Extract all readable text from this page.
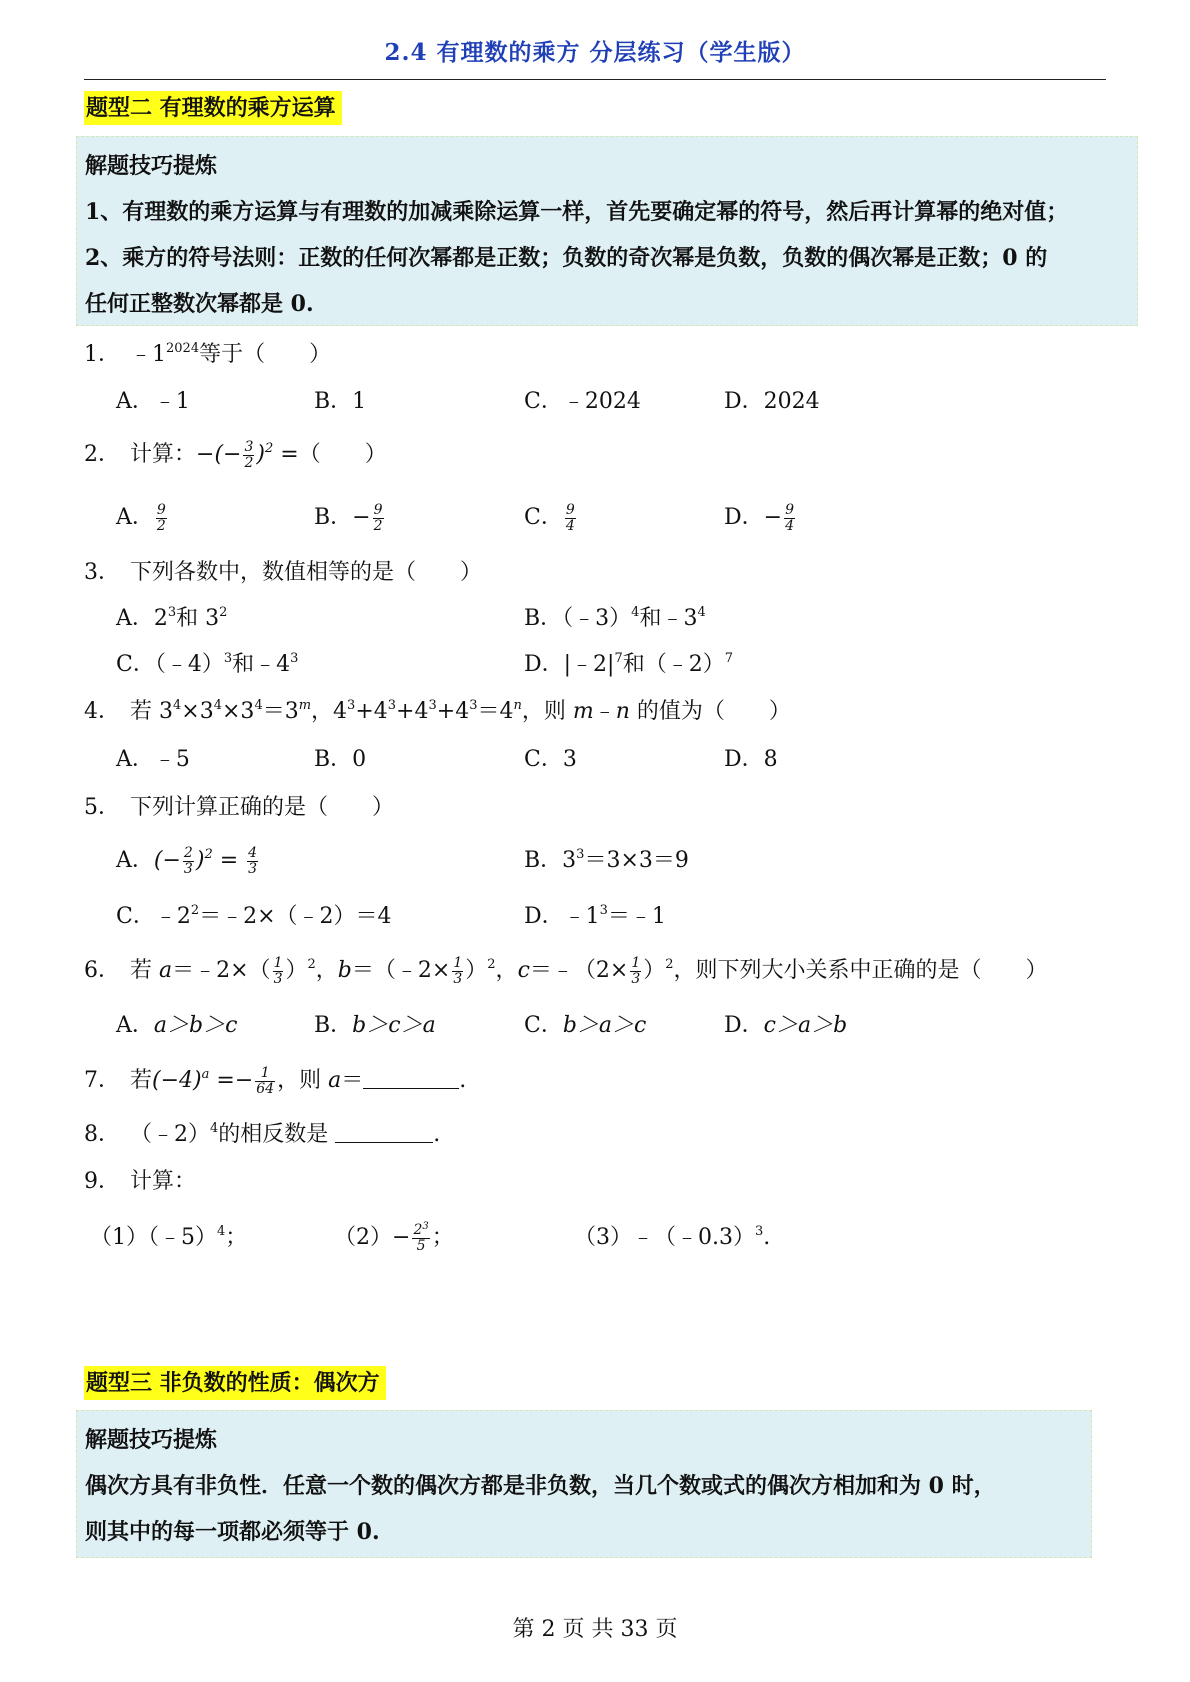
2.4 有理数的乘方 分层练习（学生版）
题型二 有理数的乘方运算
解题技巧提炼
1、有理数的乘方运算与有理数的加减乘除运算一样，首先要确定幂的符号，然后再计算幂的绝对值；
2、乘方的符号法则：正数的任何次幂都是正数；负数的奇次幂是负数，负数的偶次幂是正数；0 的
任何正整数次幂都是 0.
1． $﹣1^{2024}$等于（　　）
A．﹣1	B．1	C．﹣2024	D．2024
2． 计算：−(− $\frac{3}{2} )^2$ =（　　）
A． $\frac{9}{2}$	B．− $\frac{9}{2}$	C． $\frac{9}{4}$	D．− $\frac{9}{4}$
3． 下列各数中，数值相等的是（　　）
A．$2^3$和 $3^2$	B．（﹣3）$^4$和$﹣3^4$
C．（﹣4）$^3$和$﹣4^3$	D．$|﹣2|^7$和（﹣2）$^7$
4． 若 $3^4\times 3^4\times 3^4=3^m$，$4^3+4^3+4^3+4^3=4^n$，则 m﹣n 的值为（　　）
A．﹣5	B．0	C．3	D．8
5． 下列计算正确的是（　　）
A．(− $\frac{2}{3} )^2 = \frac{4}{3}$	B．$3^3=3\times 3=9$
C．$﹣2^2=﹣2\times(﹣2)=4$	D．$﹣1^3=﹣1$
6． 若 a＝﹣2×（ $\frac{1}{3} )^2$，b＝（﹣2× $\frac{1}{3} )^2$，c＝﹣（2× $\frac{1}{3} )^2$，则下列大小关系中正确的是（　　）
A．a＞b＞c	B．b＞c＞a	C．b＞a＞c	D．c＞a＞b
7． 若$(-4)^a =- \frac{1}{64}$ ，则 a＝	.
8． （﹣2）$^4$的相反数是	.
9． 计算：
（1）（﹣5）$^4$；	$(2)- \frac{2^3}{5}$ ；	（3）﹣（﹣0.3）$^3$.
题型三 非负数的性质：偶次方
解题技巧提炼
偶次方具有非负性．任意一个数的偶次方都是非负数，当几个数或式的偶次方相加和为 0 时，
则其中的每一项都必须等于 0.
第 2 页 共 33 页
